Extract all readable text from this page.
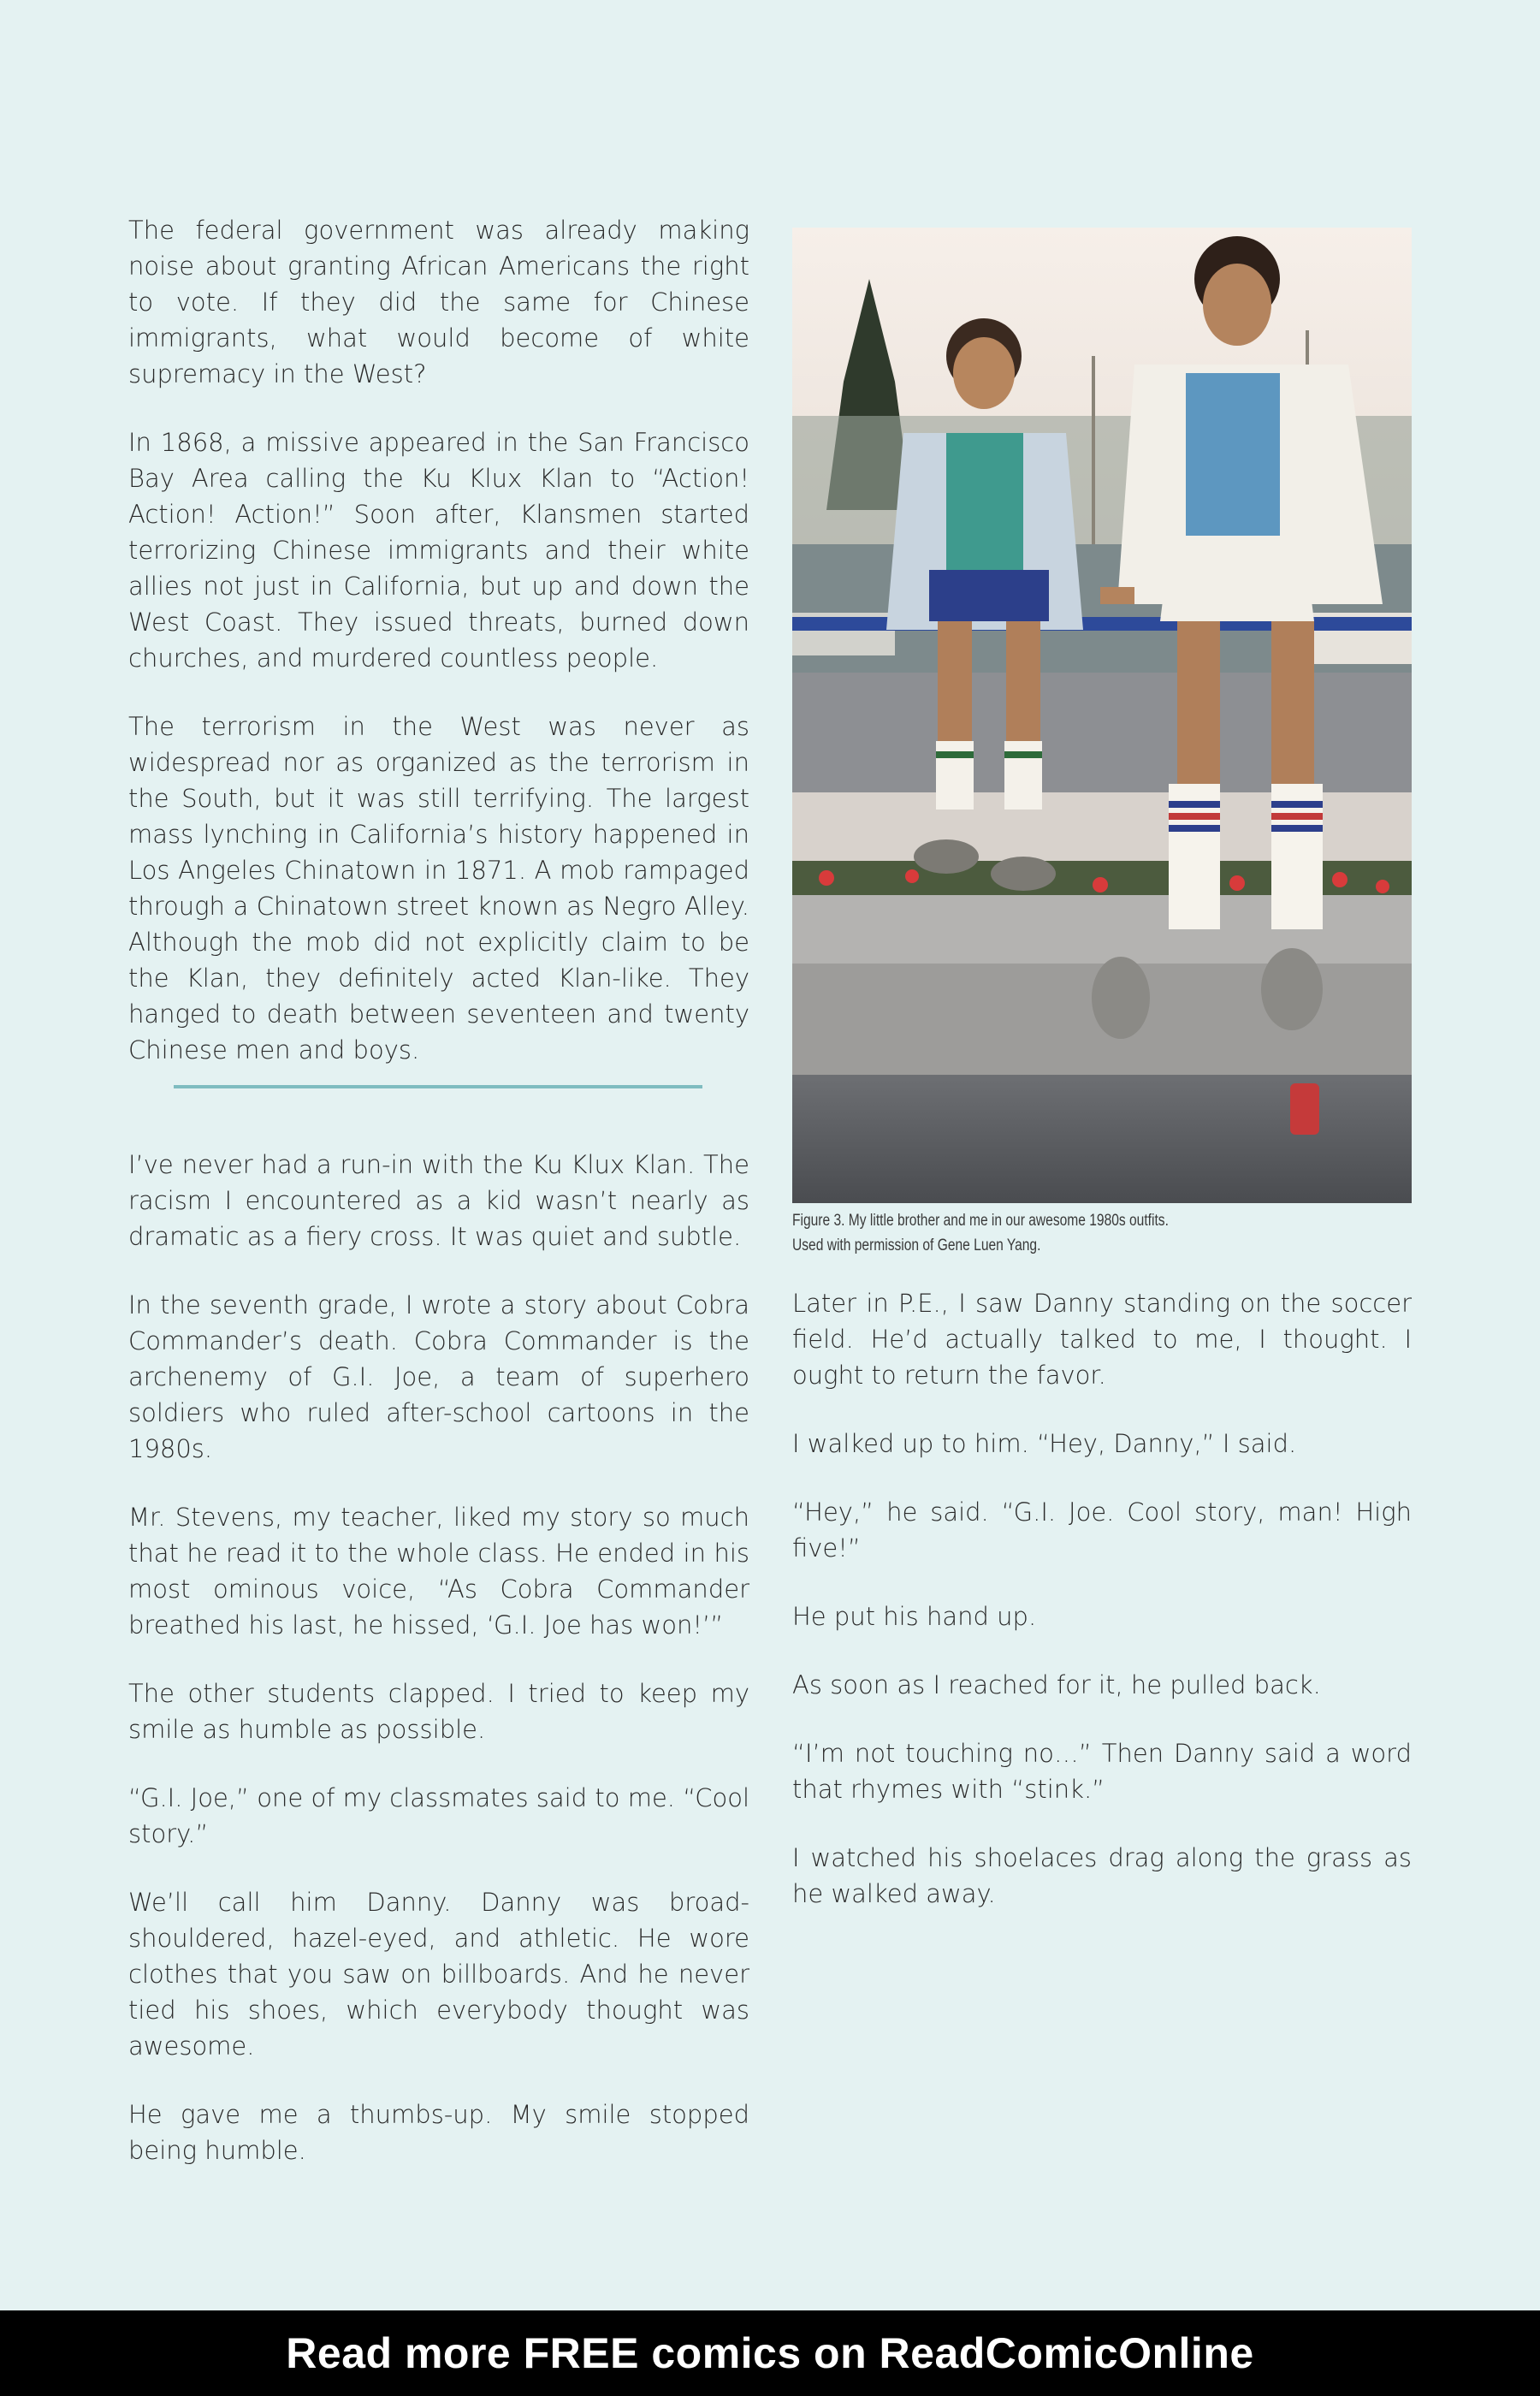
The federal government was already making noise about granting African Americans the right to vote. If they did the same for Chinese immigrants, what would become of white supremacy in the West?

In 1868, a missive appeared in the San Francisco Bay Area calling the Ku Klux Klan to “Action! Action! Action!” Soon after, Klansmen started terrorizing Chinese immigrants and their white allies not just in California, but up and down the West Coast. They issued threats, burned down churches, and murdered countless people.

The terrorism in the West was never as widespread nor as organized as the terrorism in the South, but it was still terrifying. The largest mass lynching in California’s history happened in Los Angeles Chinatown in 1871. A mob rampaged through a Chinatown street known as Negro Alley. Although the mob did not explicitly claim to be the Klan, they definitely acted Klan-like. They hanged to death between seventeen and twenty Chinese men and boys.

I’ve never had a run-in with the Ku Klux Klan. The racism I encountered as a kid wasn’t nearly as dramatic as a fiery cross. It was quiet and subtle.

In the seventh grade, I wrote a story about Cobra Commander’s death. Cobra Commander is the archenemy of G.I. Joe, a team of superhero soldiers who ruled after-school cartoons in the 1980s.

Mr. Stevens, my teacher, liked my story so much that he read it to the whole class. He ended in his most ominous voice, “As Cobra Commander breathed his last, he hissed, ‘G.I. Joe has won!’”

The other students clapped. I tried to keep my smile as humble as possible.

“G.I. Joe,” one of my classmates said to me. “Cool story.”

We’ll call him Danny. Danny was broad-shouldered, hazel-eyed, and athletic. He wore clothes that you saw on billboards. And he never tied his shoes, which everybody thought was awesome.

He gave me a thumbs-up. My smile stopped being humble.

Figure 3. My little brother and me in our awesome 1980s outfits.
Used with permission of Gene Luen Yang.

Later in P.E., I saw Danny standing on the soccer field. He’d actually talked to me, I thought. I ought to return the favor.

I walked up to him. “Hey, Danny,” I said.

“Hey,” he said. “G.I. Joe. Cool story, man! High five!”

He put his hand up.

As soon as I reached for it, he pulled back.

“I’m not touching no…” Then Danny said a word that rhymes with “stink.”

I watched his shoelaces drag along the grass as he walked away.

Read more FREE comics on ReadComicOnline
